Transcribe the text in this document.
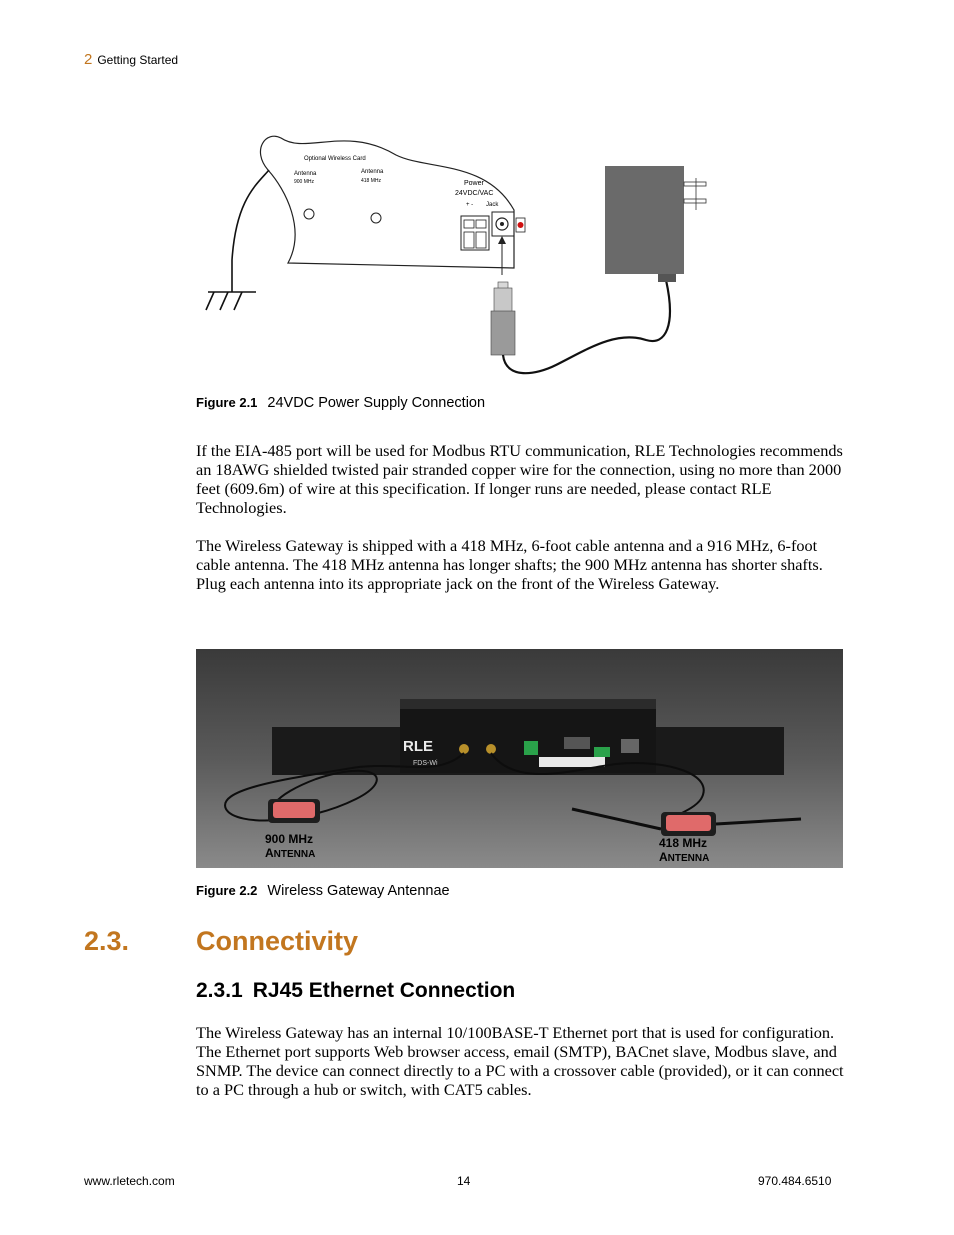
2 Getting Started
Optional Wireless Card
Antenna
900 MHz
Antenna
418 MHz	Power
24VDC/VAC
+ - Jack
Figure 2.1 24VDC Power Supply Connection
If the EIA-485 port will be used for Modbus RTU communication, RLE Technologies recommends an 18AWG shielded twisted pair stranded copper wire for the connection, using no more than 2000 feet (609.6m) of wire at this specification. If longer runs are needed, please contact RLE Technologies.
The Wireless Gateway is shipped with a 418 MHz, 6-foot cable antenna and a 916 MHz, 6-foot cable antenna. The 418 MHz antenna has longer shafts; the 900 MHz antenna has shorter shafts. Plug each antenna into its appropriate jack on the front of the Wireless Gateway.
RLE
FDS-Wi
900 MHz
ANTENNA
418 MHz
ANTENNA
Figure 2.2 Wireless Gateway Antennae
2.3. Connectivity
2.3.1 RJ45 Ethernet Connection
The Wireless Gateway has an internal 10/100BASE-T Ethernet port that is used for configuration. The Ethernet port supports Web browser access, email (SMTP), BACnet slave, Modbus slave, and SNMP. The device can connect directly to a PC with a crossover cable (provided), or it can connect to a PC through a hub or switch, with CAT5 cables.
www.rletech.com	14	970.484.6510
